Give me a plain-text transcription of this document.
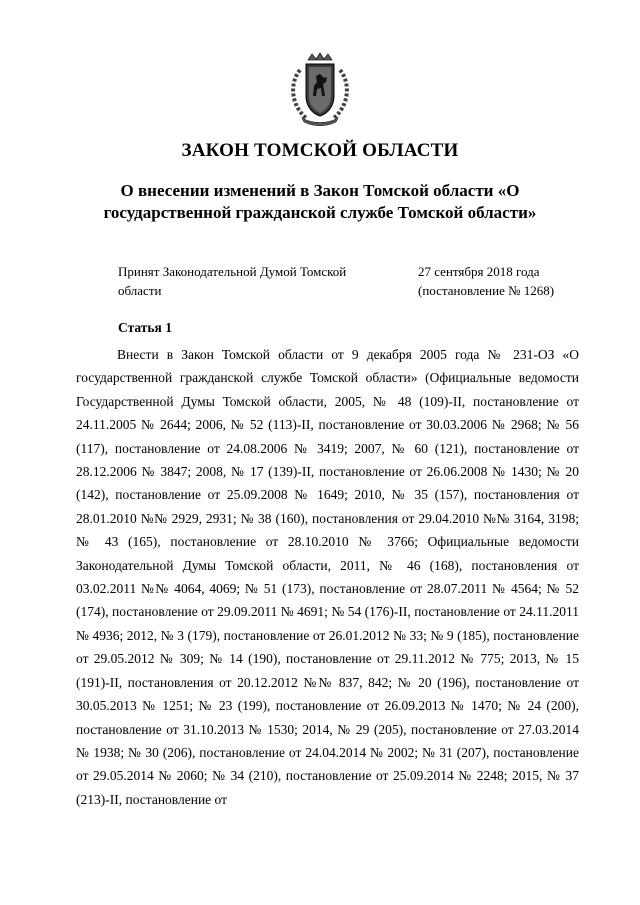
ЗАКОН ТОМСКОЙ ОБЛАСТИ
О внесении изменений в Закон Томской области «О государственной гражданской службе Томской области»
Принят Законодательной Думой Томской области
27 сентября 2018 года
(постановление № 1268)
Статья 1

Внести в Закон Томской области от 9 декабря 2005 года № 231-ОЗ «О государственной гражданской службе Томской области» (Официальные ведомости Государственной Думы Томской области, 2005, № 48 (109)-II, постановление от 24.11.2005 № 2644; 2006, № 52 (113)-II, постановление от 30.03.2006 № 2968; № 56 (117), постановление от 24.08.2006 № 3419; 2007, № 60 (121), постановление от 28.12.2006 № 3847; 2008, № 17 (139)-II, постановление от 26.06.2008 № 1430; № 20 (142), постановление от 25.09.2008 № 1649; 2010, № 35 (157), постановления от 28.01.2010 №№ 2929, 2931; № 38 (160), постановления от 29.04.2010 №№ 3164, 3198; № 43 (165), постановление от 28.10.2010 № 3766; Официальные ведомости Законодательной Думы Томской области, 2011, № 46 (168), постановления от 03.02.2011 №№ 4064, 4069; № 51 (173), постановление от 28.07.2011 № 4564; № 52 (174), постановление от 29.09.2011 № 4691; № 54 (176)-II, постановление от 24.11.2011 № 4936; 2012, № 3 (179), постановление от 26.01.2012 № 33; № 9 (185), постановление от 29.05.2012 № 309; № 14 (190), постановление от 29.11.2012 № 775; 2013, № 15 (191)-II, постановления от 20.12.2012 №№ 837, 842; № 20 (196), постановление от 30.05.2013 № 1251; № 23 (199), постановление от 26.09.2013 № 1470; № 24 (200), постановление от 31.10.2013 № 1530; 2014, № 29 (205), постановление от 27.03.2014 № 1938; № 30 (206), постановление от 24.04.2014 № 2002; № 31 (207), постановление от 29.05.2014 № 2060; № 34 (210), постановление от 25.09.2014 № 2248; 2015, № 37 (213)-II, постановление от
